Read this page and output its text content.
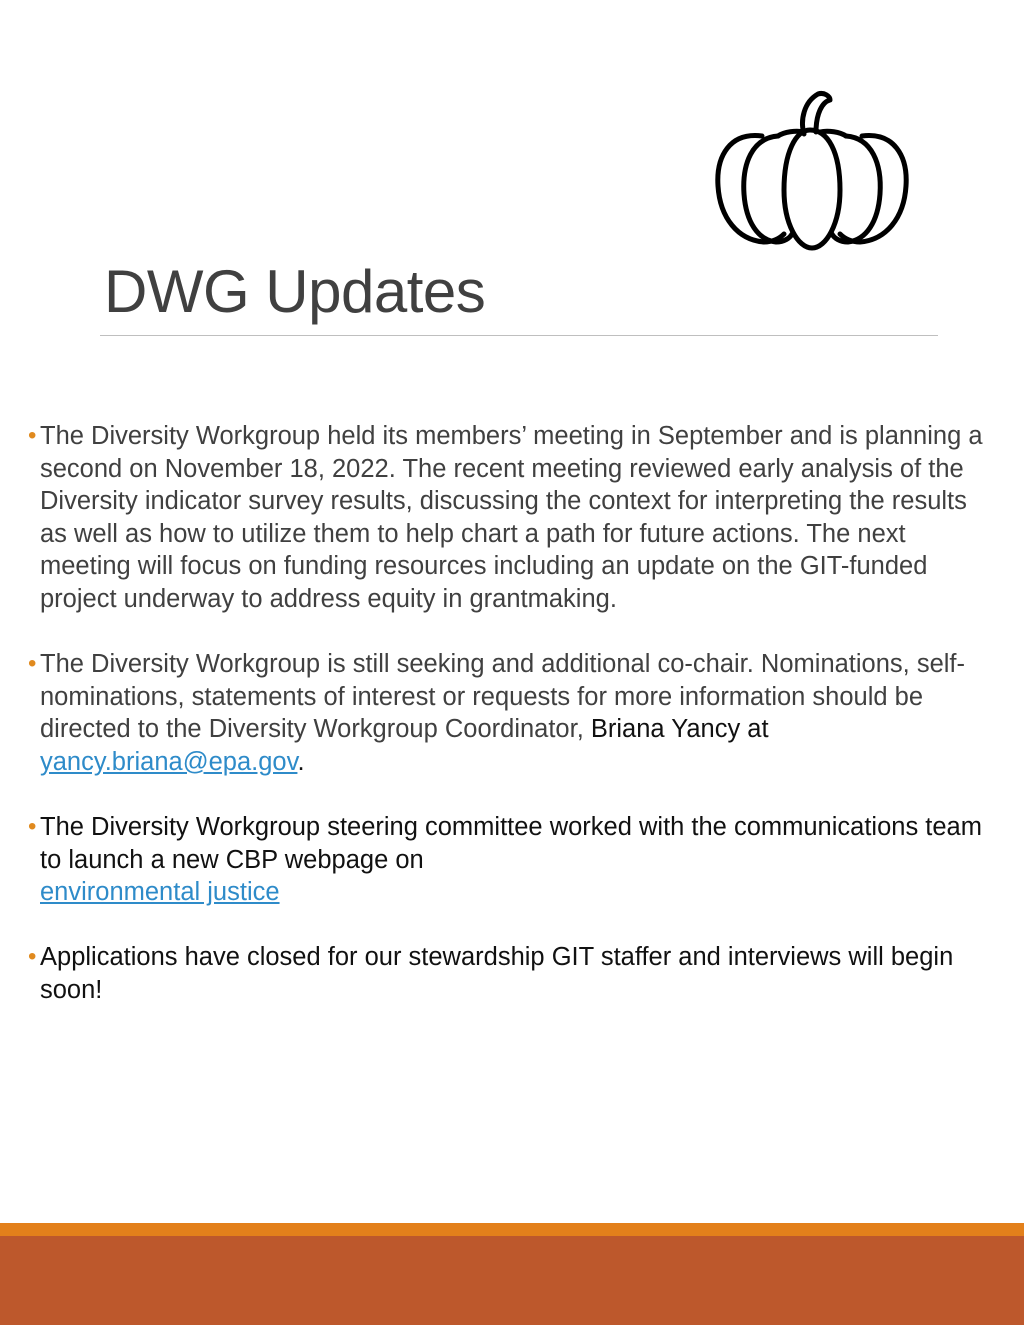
DWG Updates
• The Diversity Workgroup held its members’ meeting in September and is planning a second on November 18, 2022. The recent meeting reviewed early analysis of the Diversity indicator survey results, discussing the context for interpreting the results as well as how to utilize them to help chart a path for future actions. The next meeting will focus on funding resources including an update on the GIT-funded project underway to address equity in grantmaking.
• The Diversity Workgroup is still seeking and additional co-chair. Nominations, self-nominations, statements of interest or requests for more information should be directed to the Diversity Workgroup Coordinator, Briana Yancy at
yancy.briana@epa.gov.
• The Diversity Workgroup steering committee worked with the communications team to launch a new CBP webpage on
environmental justice
• Applications have closed for our stewardship GIT staffer and interviews will begin soon!
